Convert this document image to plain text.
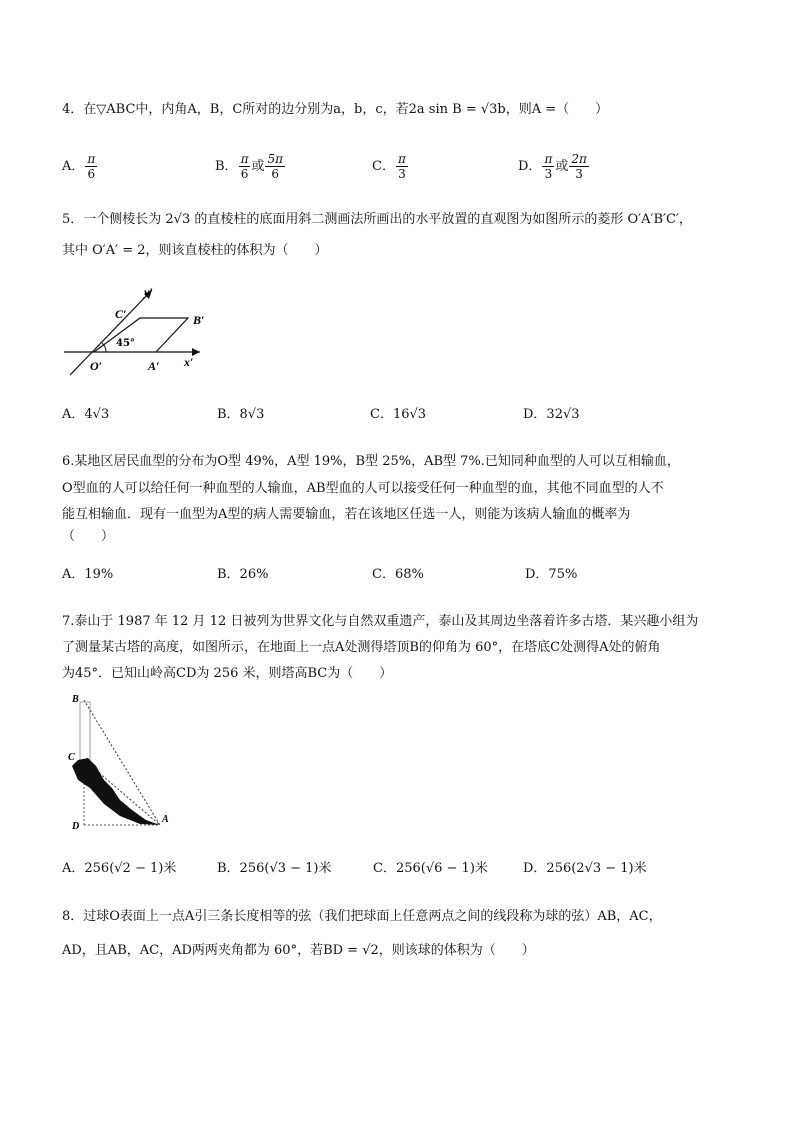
4．在▽ABC中，内角A，B，C所对的边分别为a，b，c，若2a sin B = √3b，则A =（　　）
A． $\frac{\pi}{6}$	B． $\frac{\pi}{6}$ 或 $\frac{5\pi}{6}$	C． $\frac{\pi}{3}$	D． $\frac{\pi}{3}$ 或 $\frac{2\pi}{3}$
5．一个侧棱长为 2√3 的直棱柱的底面用斜二测画法所画出的水平放置的直观图为如图所示的菱形 O′A′B′C′，
其中 O′A′ = 2，则该直棱柱的体积为（　　）
y′
C′	B′
45°
O′	A′ x′
A．4√3	B．8√3	C．16√3	D．32√3
6.某地区居民血型的分布为O型 49%，A型 19%，B型 25%，AB型 7%.已知同种血型的人可以互相输血，
O型血的人可以给任何一种血型的人输血，AB型血的人可以接受任何一种血型的血，其他不同血型的人不
能互相输血．现有一血型为A型的病人需要输血，若在该地区任选一人，则能为该病人输血的概率为
（　　）
A．19%	B．26%	C．68%	D．75%
7.泰山于 1987 年 12 月 12 日被列为世界文化与自然双重遗产，泰山及其周边坐落着许多古塔．某兴趣小组为
了测量某古塔的高度，如图所示，在地面上一点A处测得塔顶B的仰角为 60°，在塔底C处测得A处的俯角
为45°．已知山岭高CD为 256 米，则塔高BC为（　　）
B
C
D
A
A．256(√2 − 1)米	B．256(√3 − 1)米	C．256(√6 − 1)米	D．256(2√3 − 1)米
8．过球O表面上一点A引三条长度相等的弦（我们把球面上任意两点之间的线段称为球的弦）AB，AC，
AD，且AB，AC，AD两两夹角都为 60°，若BD = √2，则该球的体积为（　　）
